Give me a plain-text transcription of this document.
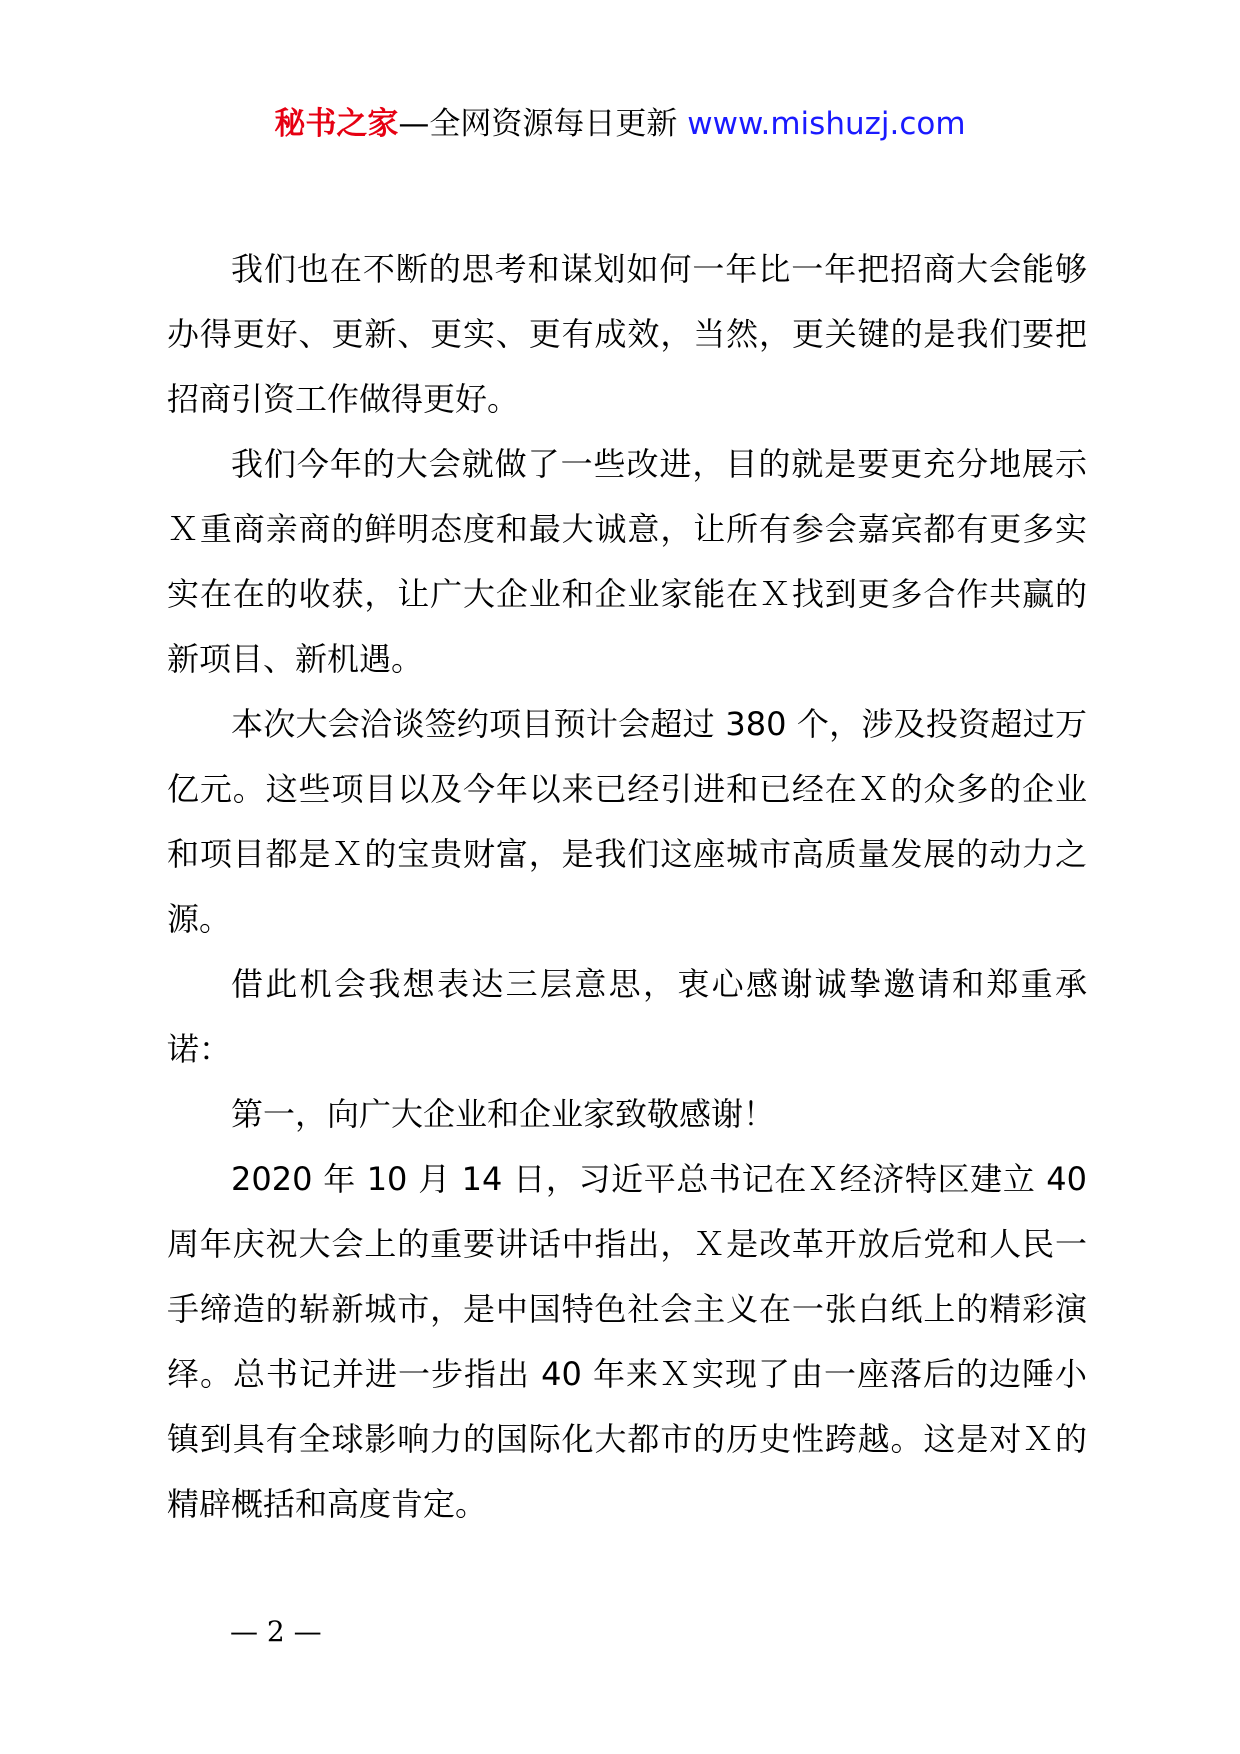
秘书之家—全网资源每日更新 www.mishuzj.com

我们也在不断的思考和谋划如何一年比一年把招商大会能够办得更好、更新、更实、更有成效，当然，更关键的是我们要把招商引资工作做得更好。

我们今年的大会就做了一些改进，目的就是要更充分地展示Ｘ重商亲商的鲜明态度和最大诚意，让所有参会嘉宾都有更多实实在在的收获，让广大企业和企业家能在Ｘ找到更多合作共赢的新项目、新机遇。

本次大会洽谈签约项目预计会超过 380 个，涉及投资超过万亿元。这些项目以及今年以来已经引进和已经在Ｘ的众多的企业和项目都是Ｘ的宝贵财富，是我们这座城市高质量发展的动力之源。

借此机会我想表达三层意思，衷心感谢诚挚邀请和郑重承诺：

第一，向广大企业和企业家致敬感谢！

2020 年 10 月 14 日，习近平总书记在Ｘ经济特区建立 40 周年庆祝大会上的重要讲话中指出，Ｘ是改革开放后党和人民一手缔造的崭新城市，是中国特色社会主义在一张白纸上的精彩演绎。总书记并进一步指出 40 年来Ｘ实现了由一座落后的边陲小镇到具有全球影响力的国际化大都市的历史性跨越。这是对Ｘ的精辟概括和高度肯定。

— 2 —
